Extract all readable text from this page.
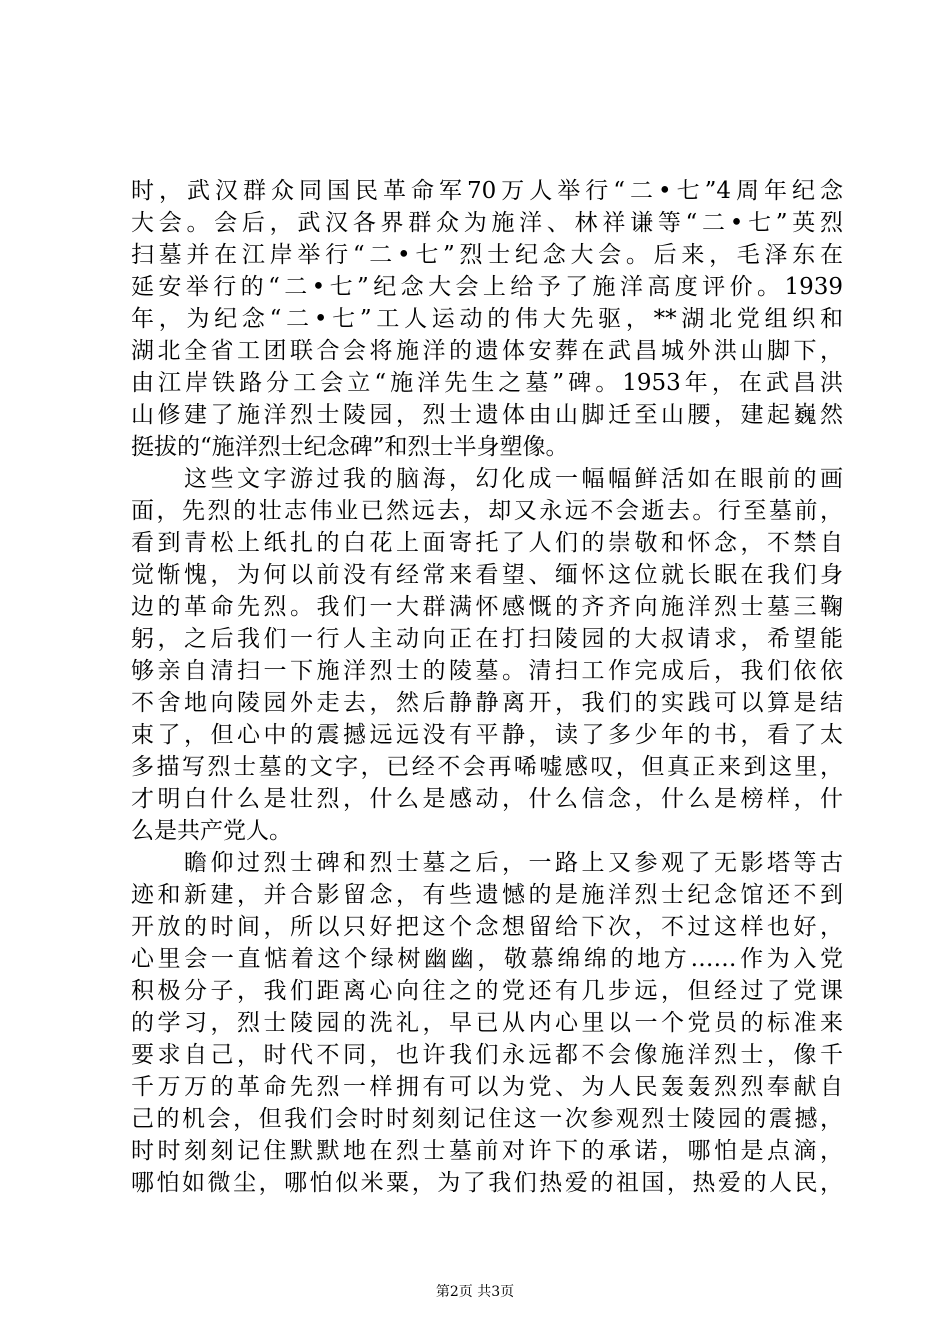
时，武汉群众同国民革命军70万人举行“二•七”4周年纪念
大会。会后，武汉各界群众为施洋、林祥谦等“二•七”英烈
扫墓并在江岸举行“二•七”烈士纪念大会。后来，毛泽东在
延安举行的“二•七”纪念大会上给予了施洋高度评价。1939
年，为纪念“二•七”工人运动的伟大先驱，**湖北党组织和
湖北全省工团联合会将施洋的遗体安葬在武昌城外洪山脚下，
由江岸铁路分工会立“施洋先生之墓”碑。1953年，在武昌洪
山修建了施洋烈士陵园，烈士遗体由山脚迁至山腰，建起巍然
挺拔的“施洋烈士纪念碑”和烈士半身塑像。
　　这些文字游过我的脑海，幻化成一幅幅鲜活如在眼前的画
面，先烈的壮志伟业已然远去，却又永远不会逝去。行至墓前，
看到青松上纸扎的白花上面寄托了人们的崇敬和怀念，不禁自
觉惭愧，为何以前没有经常来看望、缅怀这位就长眠在我们身
边的革命先烈。我们一大群满怀感慨的齐齐向施洋烈士墓三鞠
躬，之后我们一行人主动向正在打扫陵园的大叔请求，希望能
够亲自清扫一下施洋烈士的陵墓。清扫工作完成后，我们依依
不舍地向陵园外走去，然后静静离开，我们的实践可以算是结
束了，但心中的震撼远远没有平静，读了多少年的书，看了太
多描写烈士墓的文字，已经不会再唏嘘感叹，但真正来到这里，
才明白什么是壮烈，什么是感动，什么信念，什么是榜样，什
么是共产党人。
　　瞻仰过烈士碑和烈士墓之后，一路上又参观了无影塔等古
迹和新建，并合影留念，有些遗憾的是施洋烈士纪念馆还不到
开放的时间，所以只好把这个念想留给下次，不过这样也好，
心里会一直惦着这个绿树幽幽，敬慕绵绵的地方……作为入党
积极分子，我们距离心向往之的党还有几步远，但经过了党课
的学习，烈士陵园的洗礼，早已从内心里以一个党员的标准来
要求自己，时代不同，也许我们永远都不会像施洋烈士，像千
千万万的革命先烈一样拥有可以为党、为人民轰轰烈烈奉献自
己的机会，但我们会时时刻刻记住这一次参观烈士陵园的震撼，
时时刻刻记住默默地在烈士墓前对许下的承诺，哪怕是点滴，
哪怕如微尘，哪怕似米粟，为了我们热爱的祖国，热爱的人民，
第2页 共3页
